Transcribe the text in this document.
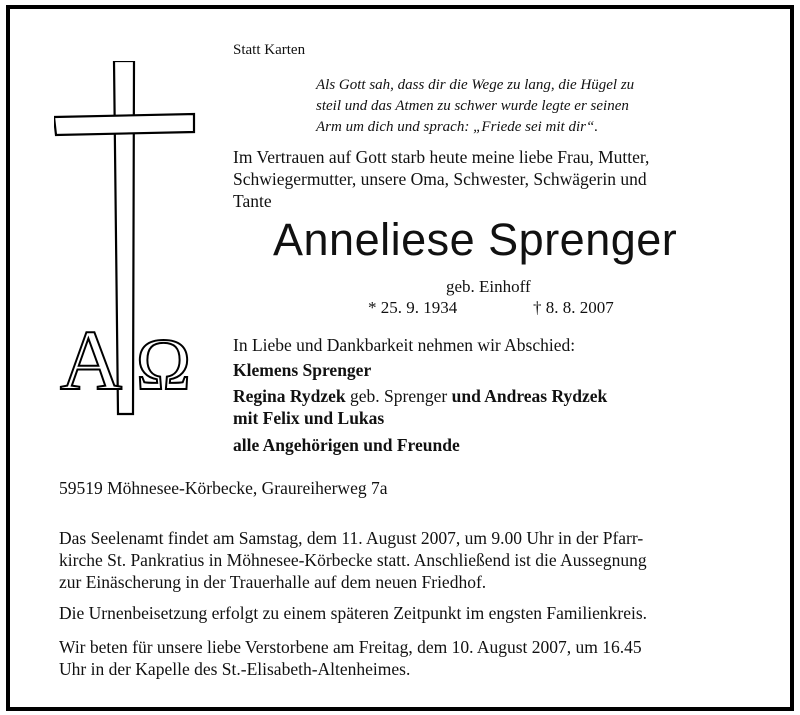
A Ω
Statt Karten
Als Gott sah, dass dir die Wege zu lang, die Hügel zu
steil und das Atmen zu schwer wurde legte er seinen
Arm um dich und sprach: „Friede sei mit dir“.
Im Vertrauen auf Gott starb heute meine liebe Frau, Mutter,
Schwiegermutter, unsere Oma, Schwester, Schwägerin und
Tante
Anneliese Sprenger
geb. Einhoff
* 25. 9. 1934	† 8. 8. 2007
In Liebe und Dankbarkeit nehmen wir Abschied:
Klemens Sprenger
Regina Rydzek geb. Sprenger und Andreas Rydzek
mit Felix und Lukas
alle Angehörigen und Freunde
59519 Möhnesee-Körbecke, Graureiherweg 7a
Das Seelenamt findet am Samstag, dem 11. August 2007, um 9.00 Uhr in der Pfarr-
kirche St. Pankratius in Möhnesee-Körbecke statt. Anschließend ist die Aussegnung
zur Einäscherung in der Trauerhalle auf dem neuen Friedhof.
Die Urnenbeisetzung erfolgt zu einem späteren Zeitpunkt im engsten Familienkreis.
Wir beten für unsere liebe Verstorbene am Freitag, dem 10. August 2007, um 16.45
Uhr in der Kapelle des St.-Elisabeth-Altenheimes.
